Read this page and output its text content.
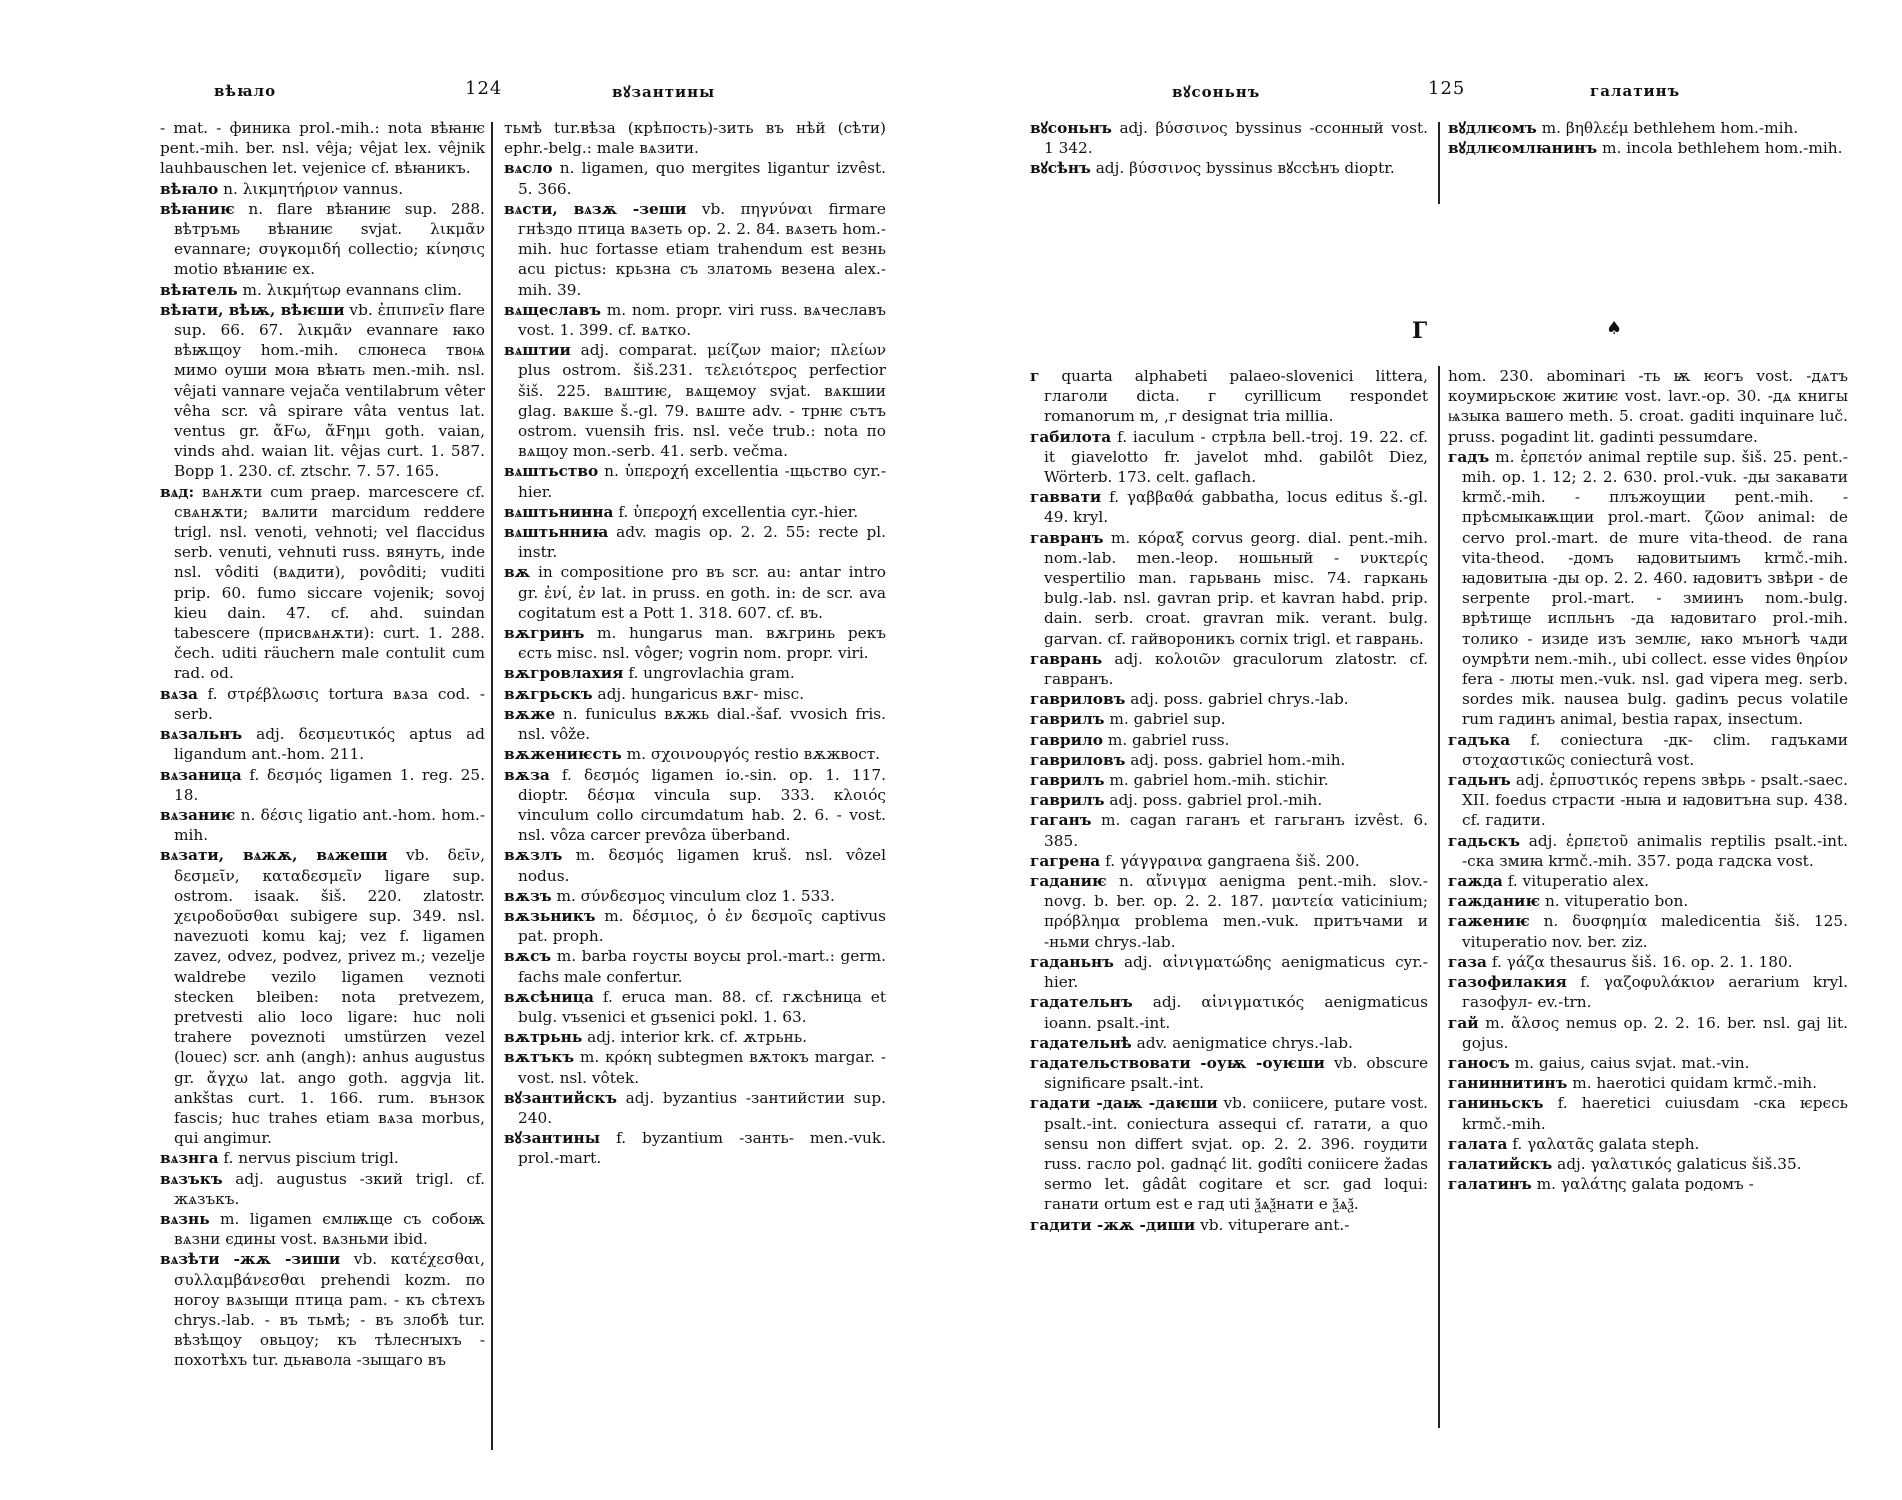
вѣꙗло	124	вꙋзантины

- mat. - финика prol.-mih.: nota вѣꙗнѥ pent.-mih. ber. nsl. vêja; vêjat lex. vêjnik lauhbauschen let. vejenice cf. вѣꙗникъ.

вѣꙗло n. λικμητήριον vannus.

вѣꙗниѥ n. flare вѣꙗниѥ sup. 288. вѣтръмь вѣꙗниѥ svjat. λικμᾶν evannare; συγκομιδή collectio; κίνησις motio вѣꙗниѥ ex.

вѣꙗтель m. λικμήτωρ evannans clim.

вѣꙗти, вѣѭ, вѣѥши vb. ἐπιπνεῖν flare sup. 66. 67. λικμᾶν evannare ꙗко вѣѭщоу hom.-mih. слюнеса твоѩ мимо оуши моꙗ вѣꙗть men.-mih. nsl. vêjati vannare vejača ventilabrum vêter vêha scr. vâ spirare vâta ventus lat. ventus gr. ἄFω, ἄFημι goth. vaian, vinds ahd. waian lit. vêjas curt. 1. 587. Bopp 1. 230. cf. ztschr. 7. 57. 165.

вѧд: вѧнѫти cum praep. marcescere cf. свѧнѫти; вѧлити marcidum reddere trigl. nsl. venoti, vehnoti; vel flaccidus serb. venuti, vehnuti russ. вянуть, inde nsl. vôditi (вѧдити), povôditi; vuditi prip. 60. fumo siccare vojenik; sovoj kieu dain. 47. cf. ahd. suindan tabescere (присвѧнѫти): curt. 1. 288. čech. uditi räuchern male contulit cum rad. od.

вѧза f. στρέβλωσις tortura вѧза cod. - serb.

вѧзальнъ adj. δεσμευτικός aptus ad ligandum ant.-hom. 211.

вѧзаница f. δεσμός ligamen 1. reg. 25. 18.

вѧзаниѥ n. δέσις ligatio ant.-hom. hom.-mih.

вѧзати, вѧжѫ, вѧжеши vb. δεῖν, δεσμεῖν, καταδεσμεῖν ligare sup. ostrom. isaak. šiš. 220. zlatostr. χειροδοῦσθαι subigere sup. 349. nsl. navezuoti komu kaj; vez f. ligamen zavez, odvez, podvez, privez m.; vezelje waldrebe vezilo ligamen veznoti stecken bleiben: nota pretvezem, pretvesti alio loco ligare: huc noli trahere poveznoti umstürzen vezel (louec) scr. anh (angh): anhus augustus gr. ἄγχω lat. ango goth. aggvja lit. ankštas curt. 1. 166. rum. вънзок fascis; huc trahes etiam вѧза morbus, qui angimur.

вѧзнга f. nervus piscium trigl.

вѧзъкъ adj. augustus -зкий trigl. cf. жѧзъкъ.

вѧзнь m. ligamen ємлѭще съ собоѭ вѧзни єдины vost. вѧзньми ibid.

вѧзѣти -жѫ -зиши vb. κατέχεσθαι, συλλαμβάνεσθαι prehendi kozm. по ногоу вѧзыщи птица pam. - къ сѣтехъ chrys.-lab. - въ тьмѣ; - въ злобѣ tur. вѣзѣщоу овьцоу; къ тѣлеснꙑхъ - похотѣхъ tur. дьꙗвола -зыщаго въ

тьмѣ tur.вѣза (крѣпость)-зить въ нѣй (сѣти) ephr.-belg.: male вѧзити.

вѧсло n. ligamen, quo mergites ligantur izvêst. 5. 366.

вѧсти, вѧзѫ -зеши vb. πηγνύναι firmare гнѣздо птица вѧзеть op. 2. 2. 84. вѧзеть hom.-mih. huc fortasse etiam trahendum est везнь acu pictus: крьзна съ златомь везена alex.-mih. 39.

вѧщеславъ m. nom. propr. viri russ. вѧчеславъ vost. 1. 399. cf. вѧтко.

вѧштии adj. comparat. μείζων maior; πλείων plus ostrom. šiš.231. τελειότερος perfectior šiš. 225. вѧштиѥ, вѧщемоу svjat. вѧкшии glag. вѧкше š.-gl. 79. вѧште adv. - трнѥ сътъ ostrom. vuensih fris. nsl. veče trub.: nota по вѧщоу mon.-serb. 41. serb. večma.

вѧштьство n. ὑπεροχή excellentia -щьство cyr.-hier.

вѧштьнинна f. ὑπεροχή excellentia cyr.-hier.

вѧштьнниꙗ adv. magis op. 2. 2. 55: recte pl. instr.

вѫ in compositione pro въ scr. au: antar intro gr. ἐνί, ἐν lat. in pruss. en goth. in: de scr. ava cogitatum est a Pott 1. 318. 607. cf. въ.

вѫгринъ m. hungarus man. вѫгринь рекъ єсть misc. nsl. vôger; vogrin nom. propr. viri.

вѫгровлахия f. ungrovlachia gram.

вѫгрьскъ adj. hungaricus вѫг- misc.

вѫже n. funiculus вѫжь dial.-šaf. vvosich fris. nsl. vôže.

вѫжениѥсть m. σχοινουργός restio вѫжвост.

вѫза f. δεσμός ligamen io.-sin. op. 1. 117. dioptr. δέσμα vincula sup. 333. κλοιός vinculum collo circumdatum hab. 2. 6. - vost. nsl. vôza carcer prevôza überband.

вѫзлъ m. δεσμός ligamen kruš. nsl. vôzel nodus.

вѫзъ m. σύνδεσμος vinculum cloz 1. 533.

вѫзьникъ m. δέσμιος, ὁ ἐν δεσμοῖς captivus pat. proph.

вѫсъ m. barba гоусты воусы prol.-mart.: germ. fachs male confertur.

вѫсѣница f. eruca man. 88. cf. гѫсѣница et bulg. vъsenici et gъsenici pokl. 1. 63.

вѫтрьнь adj. interior krk. cf. ѫтрьнь.

вѫтъкъ m. κρόκη subtegmen вѫтокъ margar. - vost. nsl. vôtek.

вꙋзантийскъ adj. byzantius -зантийстии sup. 240.

вꙋзантины f. byzantium -занть- men.-vuk. prol.-mart.

вꙋсоньнъ	125	галатинъ

вꙋсоньнъ adj. βύσσινος byssinus -ссонный vost. 1 342.

вꙋсѣнъ adj. βύσσινος byssinus вꙋссѣнъ dioptr.

вꙋдлѥомъ m. βηθλεέμ bethlehem hom.-mih.

вꙋдлѥомлꙗнинъ m. incola bethlehem hom.-mih.

Г	♠

г quarta alphabeti palaeo-slovenici littera, глаголи dicta. г cyrillicum respondet romanorum m, ,г designat tria millia.

габилота f. iaculum - стрѣла bell.-troj. 19. 22. cf. it giavelotto fr. javelot mhd. gabilôt Diez, Wörterb. 173. celt. gaflach.

гаввати f. γαββαθά gabbatha, locus editus š.-gl. 49. kryl.

гавранъ m. κόραξ corvus georg. dial. pent.-mih. nom.-lab. men.-leop. ношьный - νυκτερίς vespertilio man. гарьвань misc. 74. гаркань bulg.-lab. nsl. gavran prip. et kavran habd. prip. dain. serb. croat. gravran mik. verant. bulg. garvan. cf. гайвороникъ cornix trigl. et гаврань.

гаврань adj. κολοιῶν graculorum zlatostr. cf. гавранъ.

гавриловъ adj. poss. gabriel chrys.-lab.

гаврилъ m. gabriel sup.

гаврило m. gabriel russ.

гавриловъ adj. poss. gabriel hom.-mih.

гаврилъ m. gabriel hom.-mih. stichir.

гаврилъ adj. poss. gabriel prol.-mih.

гаганъ m. cagan гаганъ et гагьганъ izvêst. 6. 385.

гагрена f. γάγγραινα gangraena šiš. 200.

гаданиѥ n. αἴνιγμα aenigma pent.-mih. slov.-novg. b. ber. op. 2. 2. 187. μαντεία vaticinium; πρόβλημα problema men.-vuk. притъчами и -ньми chrys.-lab.

гаданьнъ adj. αἰνιγματώδης aenigmaticus cyr.-hier.

гадательнъ adj. αἰνιγματικός aenigmaticus ioann. psalt.-int.

гадательнѣ adv. aenigmatice chrys.-lab.

гадательствовати -оуѭ -оуѥши vb. obscure significare psalt.-int.

гадати -даѭ -даѥши vb. coniicere, putare vost. psalt.-int. coniectura assequi cf. гатати, a quo sensu non differt svjat. op. 2. 2. 396. гоудити russ. гасло pol. gadnąć lit. godîti coniicere žadas sermo let. gâdât cogitare et scr. gad loqui: ганати ortum est e гад uti ѯѧѯнати e ѯѧѯ.

гадити -жѫ -диши vb. vituperare ant.-

hom. 230. abominari -ть ѭ ѥогъ vost. -дѧтъ коумирьскоѥ житиѥ vost. lavr.-op. 30. -дѧ книгы ѩзыка вашего meth. 5. croat. gaditi inquinare luč. pruss. pogadint lit. gadinti pessumdare.

гадъ m. ἑρπετόν animal reptile sup. šiš. 25. pent.-mih. op. 1. 12; 2. 2. 630. prol.-vuk. -ды закавати krmč.-mih. - плъжоущии pent.-mih. - прѣсмыкаѭщии prol.-mart. ζῶον animal: de cervo prol.-mart. de mure vita-theod. de rana vita-theod. -домъ ꙗдовитыимъ krmč.-mih. ꙗдовитыꙗ -ды op. 2. 2. 460. ꙗдовитъ звѣри - de serpente prol.-mart. - змиинъ nom.-bulg. врѣтище испльнъ -да ꙗдовитаго prol.-mih. толико - изиде изъ землѥ, ꙗко мъногѣ чѧди оумрѣти nem.-mih., ubi collect. esse vides θηρίον fera - люты men.-vuk. nsl. gad vipera meg. serb. sordes mik. nausea bulg. gadinъ pecus volatile rum гадинъ animal, bestia rapax, insectum.

гадъка f. coniectura -дк- clim. гадъками στοχαστικῶς coniecturâ vost.

гадьнъ adj. ἑρπυστικός repens звѣрь - psalt.-saec. XII. foedus страсти -ныꙗ и ꙗдовитъна sup. 438. cf. гадити.

гадьскъ adj. ἑρπετοῦ animalis reptilis psalt.-int. -ска змиꙗ krmč.-mih. 357. рода гадска vost.

гажда f. vituperatio alex.

гажданиѥ n. vituperatio bon.

гажениѥ n. δυσφημία maledicentia šiš. 125. vituperatio nov. ber. ziz.

газа f. γάζα thesaurus šiš. 16. op. 2. 1. 180.

газофилакия f. γαζοφυλάκιον aerarium kryl. газофул- ev.-trn.

гай m. ἄλσος nemus op. 2. 2. 16. ber. nsl. gaj lit. gojus.

ганосъ m. gaius, caius svjat. mat.-vin.

ганиннитинъ m. haerotici quidam krmč.-mih.

ганиньскъ f. haeretici cuiusdam -ска ѥрєсь krmč.-mih.

галата f. γαλατᾶς galata steph.

галатийскъ adj. γαλατικός galaticus šiš.35.

галатинъ m. γαλάτης galata родомъ -
